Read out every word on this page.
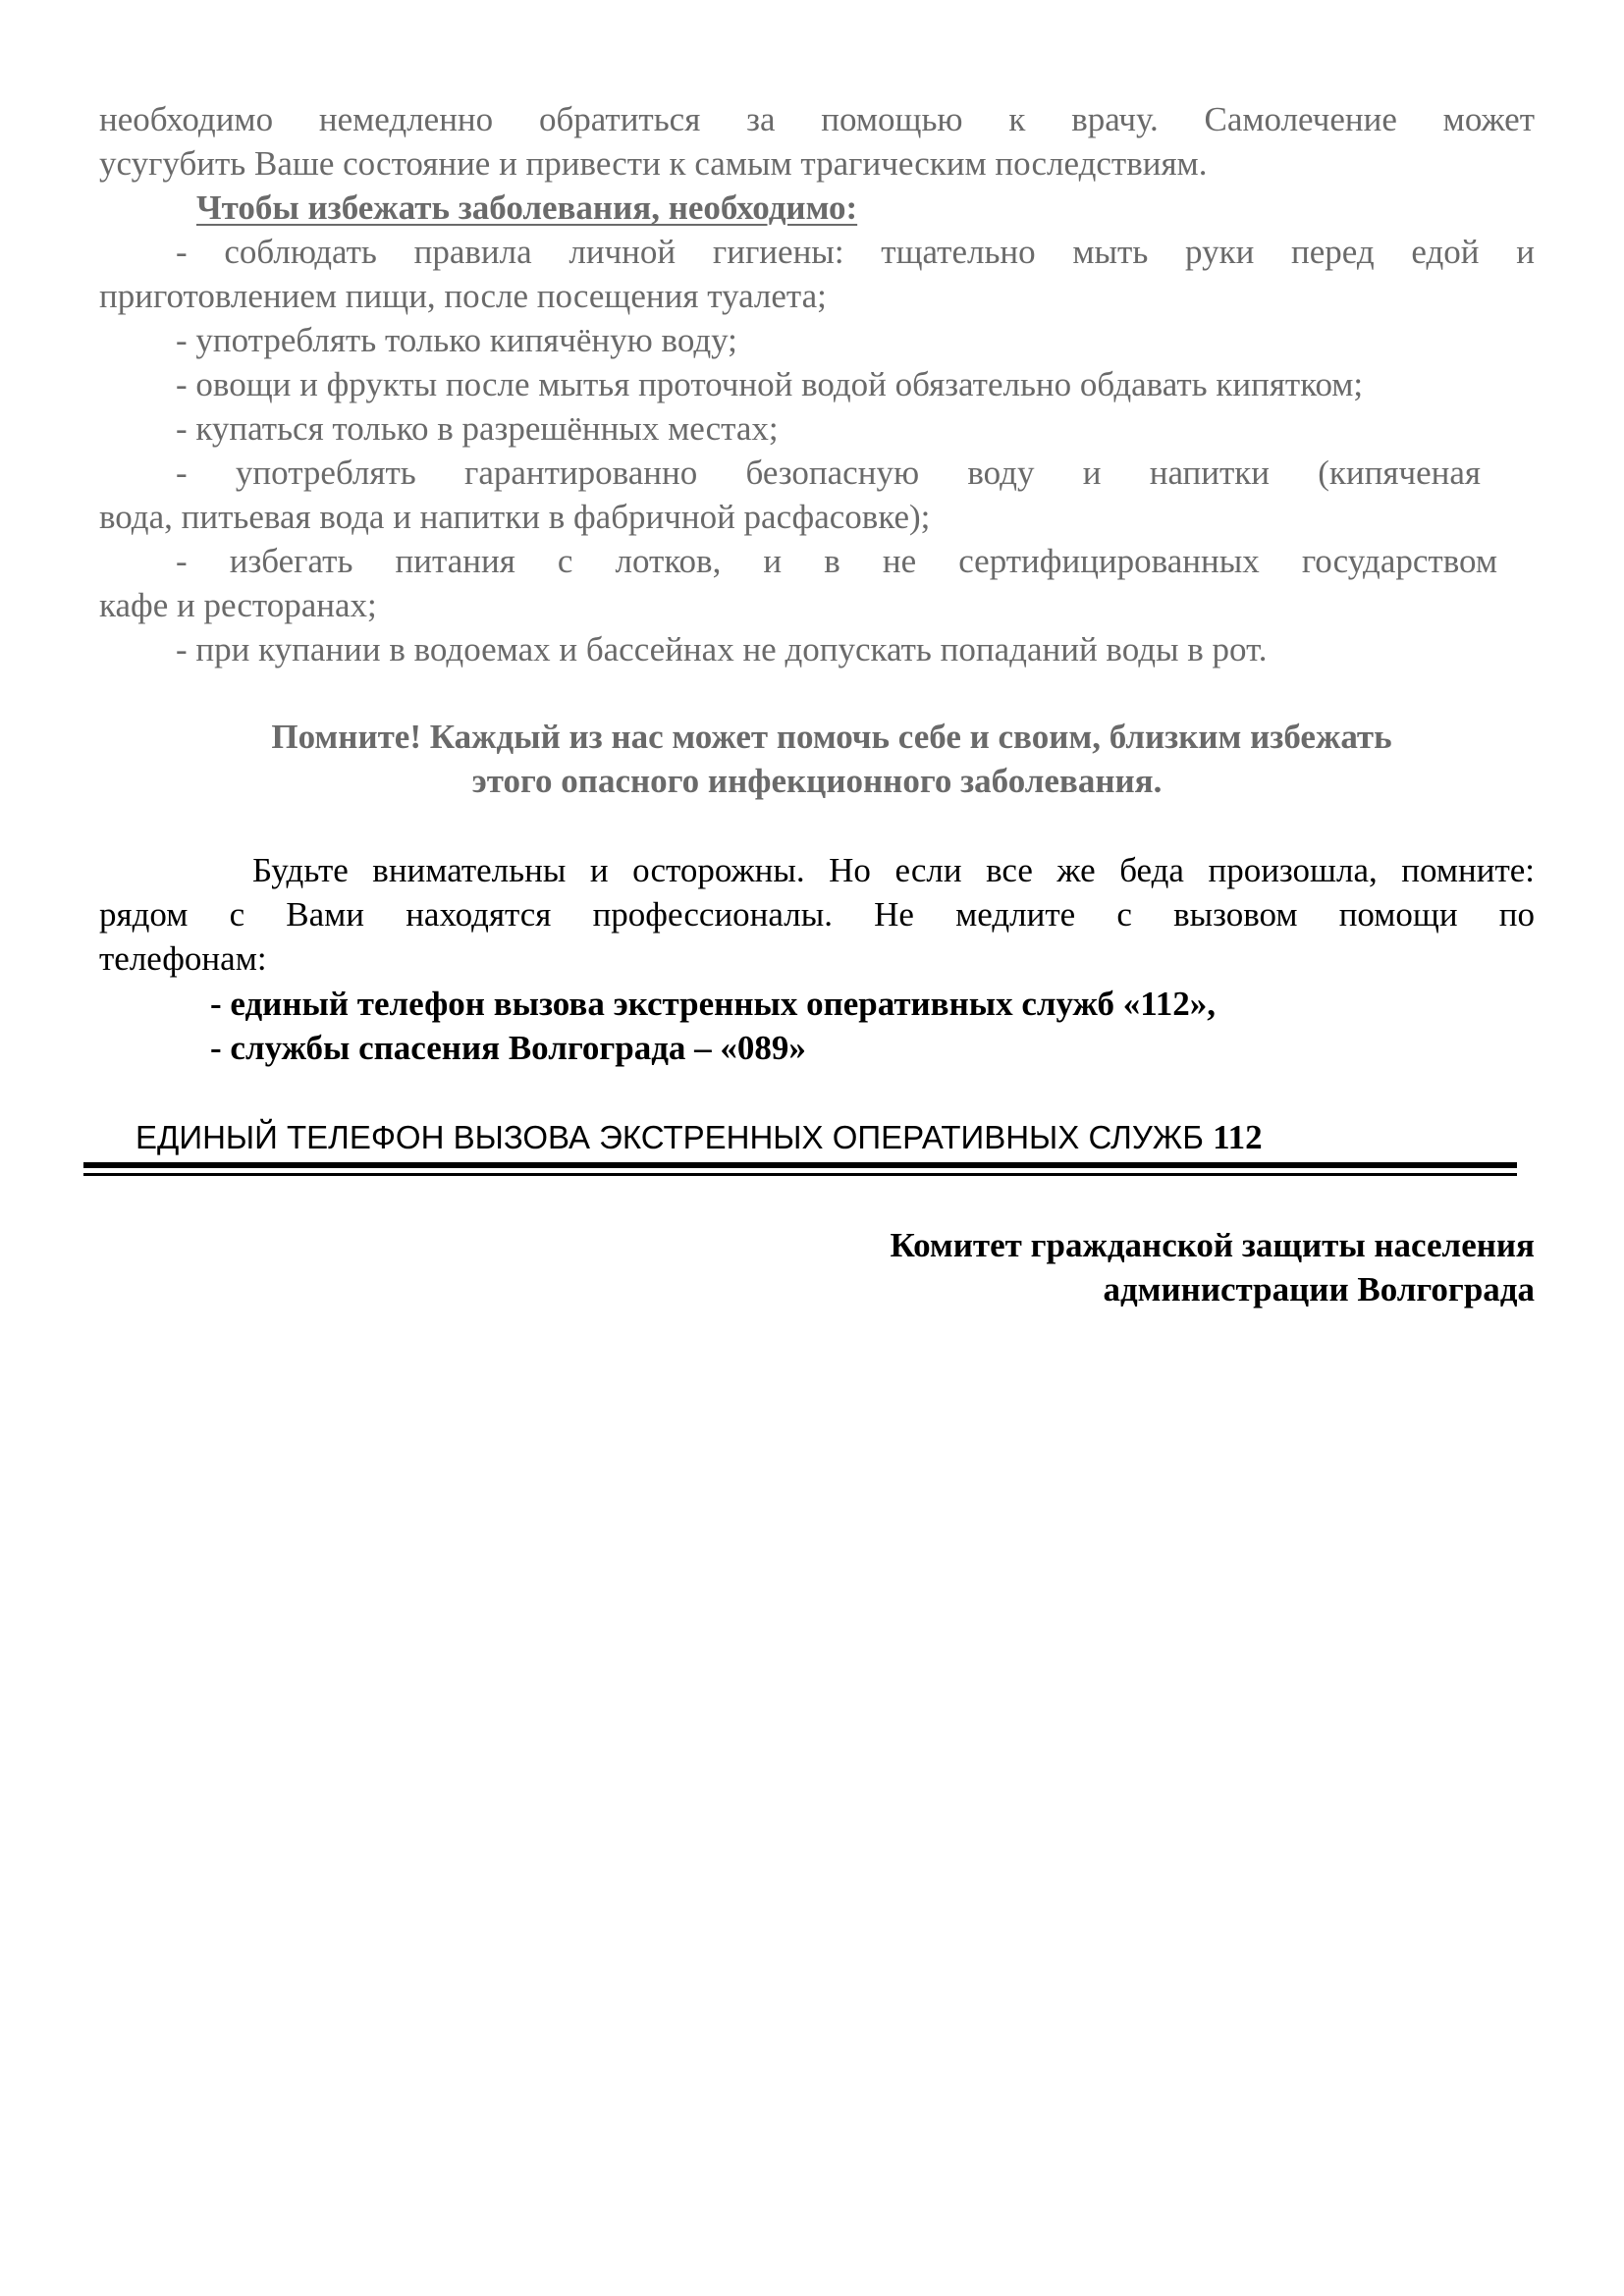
необходимо немедленно обратиться за помощью к врачу. Самолечение может

усугубить Ваше состояние и привести к самым трагическим последствиям.

Чтобы избежать заболевания, необходимо:

- соблюдать правила личной гигиены: тщательно мыть руки перед едой и

приготовлением пищи, после посещения туалета;

- употреблять только кипячёную воду;

- овощи и фрукты после мытья проточной водой обязательно обдавать кипятком;

- купаться только в разрешённых местах;

- употреблять гарантированно безопасную воду и напитки (кипяченая

вода, питьевая вода и напитки в фабричной расфасовке);

- избегать питания с лотков, и в не сертифицированных государством

кафе и ресторанах;

- при купании в водоемах и бассейнах не допускать попаданий воды в рот.

Помните! Каждый из нас может помочь себе и своим, близким избежать
этого опасного инфекционного заболевания.

Будьте внимательны и осторожны. Но если все же беда произошла, помните:

рядом с Вами находятся профессионалы. Не медлите с вызовом помощи по

телефонам:

- единый телефон вызова экстренных оперативных служб «112»,
- службы спасения Волгограда – «089»
ЕДИНЫЙ ТЕЛЕФОН ВЫЗОВА ЭКСТРЕННЫХ ОПЕРАТИВНЫХ СЛУЖБ 112
Комитет гражданской защиты населения
администрации Волгограда
